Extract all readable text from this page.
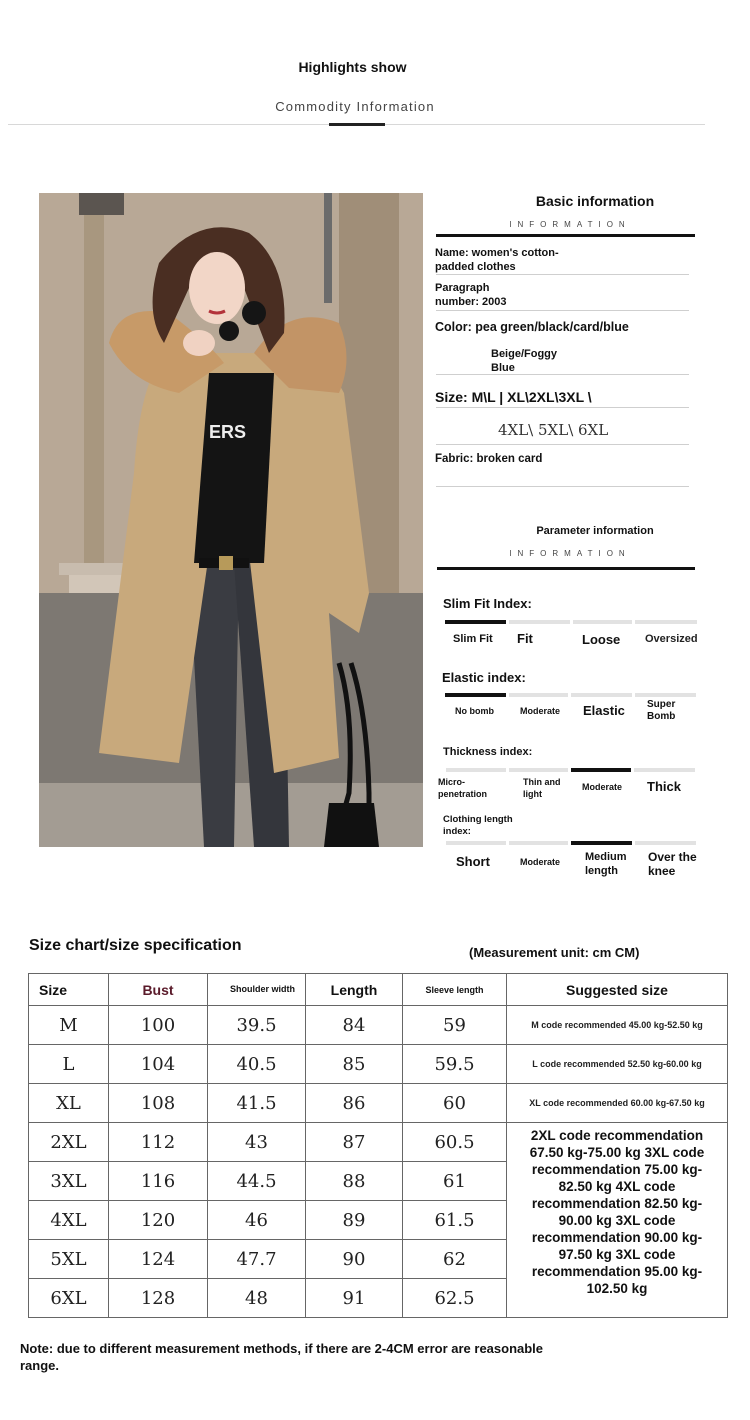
Highlights show
Commodity Information
ERS
Basic information
INFORMATION
Name: women's cotton-padded clothes
Paragraph number: 2003
Color: pea green/black/card/blue
Beige/Foggy Blue
Size: M\L | XL\2XL\3XL \
4XL\ 5XL\ 6XL
Fabric: broken card
Parameter information
INFORMATION
Slim Fit Index:
Slim Fit Fit	Loose Oversized
Elastic index:
No bomb	Moderate Elastic Super Bomb
Thickness index:
Micro-penetration
Thin and light
Moderate Thick
Clothing length index:
Short	Moderate Medium length
Over the knee
Size chart/size specification	(Measurement unit: cm CM)
Size	Bust	Shoulder width	Length	Sleeve length	Suggested size
M	100	39.5	84	59	M code recommended 45.00 kg-52.50 kg
L	104	40.5	85	59.5	L code recommended 52.50 kg-60.00 kg
XL	108	41.5	86	60	XL code recommended 60.00 kg-67.50 kg
2XL	112	43	87	60.5	2XL code recommendation 67.50 kg-75.00 kg 3XL code recommendation 75.00 kg-82.50 kg 4XL code recommendation 82.50 kg-90.00 kg 3XL code recommendation 90.00 kg-97.50 kg 3XL code recommendation 95.00 kg-102.50 kg
3XL	116	44.5	88	61	
4XL	120	46	89	61.5	
5XL	124	47.7	90	62	
6XL	128	48	91	62.5	
Note: due to different measurement methods, if there are 2-4CM error are reasonable range.
